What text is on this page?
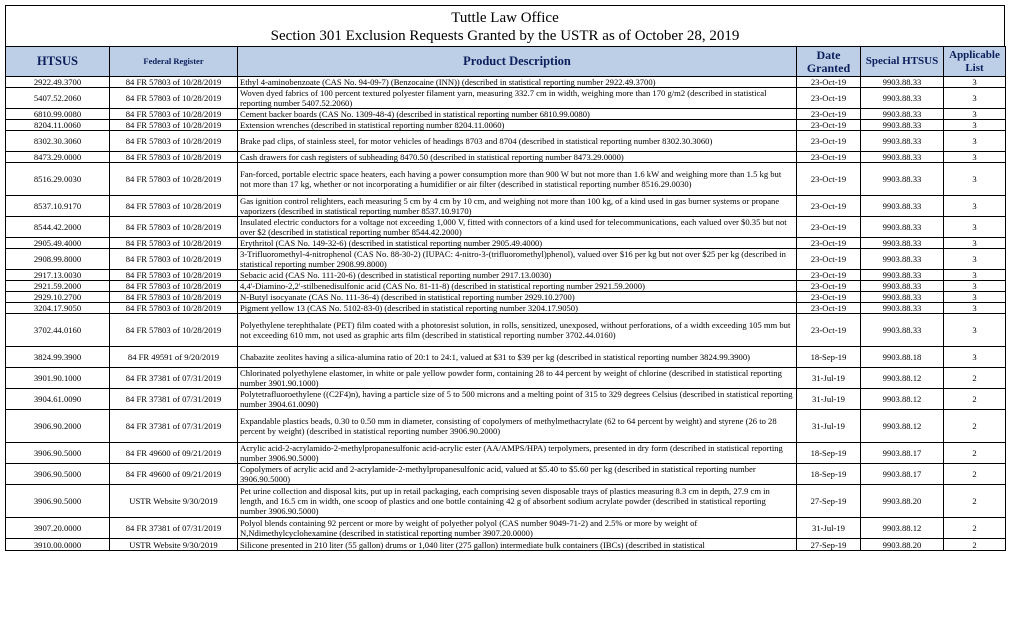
Tuttle Law Office
Section 301 Exclusion Requests Granted by the USTR as of October 28, 2019
HTSUS	Federal Register	Product Description	Date Granted	Special HTSUS	Applicable List
2922.49.3700	84 FR 57803 of 10/28/2019	Ethyl 4-aminobenzoate (CAS No. 94-09-7) (Benzocaine (INN)) (described in statistical reporting number 2922.49.3700)	23-Oct-19	9903.88.33	3
5407.52.2060	84 FR 57803 of 10/28/2019	Woven dyed fabrics of 100 percent textured polyester filament yarn, measuring 332.7 cm in width, weighing more than 170 g/m2 (described in statistical reporting number 5407.52.2060)	23-Oct-19	9903.88.33	3
6810.99.0080	84 FR 57803 of 10/28/2019	Cement backer boards (CAS No. 1309-48-4) (described in statistical reporting number 6810.99.0080)	23-Oct-19	9903.88.33	3
8204.11.0060	84 FR 57803 of 10/28/2019	Extension wrenches (described in statistical reporting number 8204.11.0060)	23-Oct-19	9903.88.33	3
8302.30.3060	84 FR 57803 of 10/28/2019	Brake pad clips, of stainless steel, for motor vehicles of headings 8703 and 8704 (described in statistical reporting number 8302.30.3060)	23-Oct-19	9903.88.33	3
8473.29.0000	84 FR 57803 of 10/28/2019	Cash drawers for cash registers of subheading 8470.50 (described in statistical reporting number 8473.29.0000)	23-Oct-19	9903.88.33	3
8516.29.0030	84 FR 57803 of 10/28/2019	Fan-forced, portable electric space heaters, each having a power consumption more than 900 W but not more than 1.6 kW and weighing more than 1.5 kg but not more than 17 kg, whether or not incorporating a humidifier or air filter (described in statistical reporting number 8516.29.0030)	23-Oct-19	9903.88.33	3
8537.10.9170	84 FR 57803 of 10/28/2019	Gas ignition control relighters, each measuring 5 cm by 4 cm by 10 cm, and weighing not more than 100 kg, of a kind used in gas burner systems or propane vaporizers (described in statistical reporting number 8537.10.9170)	23-Oct-19	9903.88.33	3
8544.42.2000	84 FR 57803 of 10/28/2019	Insulated electric conductors for a voltage not exceeding 1,000 V, fitted with connectors of a kind used for telecommunications, each valued over $0.35 but not over $2 (described in statistical reporting number 8544.42.2000)	23-Oct-19	9903.88.33	3
2905.49.4000	84 FR 57803 of 10/28/2019	Erythritol (CAS No. 149-32-6) (described in statistical reporting number 2905.49.4000)	23-Oct-19	9903.88.33	3
2908.99.8000	84 FR 57803 of 10/28/2019	3-Trifluoromethyl-4-nitrophenol (CAS No. 88-30-2) (IUPAC: 4-nitro-3-(trifluoromethyl)phenol), valued over $16 per kg but not over $25 per kg (described in statistical reporting number 2908.99.8000)	23-Oct-19	9903.88.33	3
2917.13.0030	84 FR 57803 of 10/28/2019	Sebacic acid (CAS No. 111-20-6) (described in statistical reporting number 2917.13.0030)	23-Oct-19	9903.88.33	3
2921.59.2000	84 FR 57803 of 10/28/2019	4,4'-Diamino-2,2'-stilbenedisulfonic acid (CAS No. 81-11-8) (described in statistical reporting number 2921.59.2000)	23-Oct-19	9903.88.33	3
2929.10.2700	84 FR 57803 of 10/28/2019	N-Butyl isocyanate (CAS No. 111-36-4) (described in statistical reporting number 2929.10.2700)	23-Oct-19	9903.88.33	3
3204.17.9050	84 FR 57803 of 10/28/2019	Pigment yellow 13 (CAS No. 5102-83-0) (described in statistical reporting number 3204.17.9050)	23-Oct-19	9903.88.33	3
3702.44.0160	84 FR 57803 of 10/28/2019	Polyethylene terephthalate (PET) film coated with a photoresist solution, in rolls, sensitized, unexposed, without perforations, of a width exceeding 105 mm but not exceeding 610 mm, not used as graphic arts film (described in statistical reporting number 3702.44.0160)	23-Oct-19	9903.88.33	3
3824.99.3900	84 FR 49591 of 9/20/2019	Chabazite zeolites having a silica-alumina ratio of 20:1 to 24:1, valued at $31 to $39 per kg (described in statistical reporting number 3824.99.3900)	18-Sep-19	9903.88.18	3
3901.90.1000	84 FR 37381 of 07/31/2019	Chlorinated polyethylene elastomer, in white or pale yellow powder form, containing 28 to 44 percent by weight of chlorine (described in statistical reporting number 3901.90.1000)	31-Jul-19	9903.88.12	2
3904.61.0090	84 FR 37381 of 07/31/2019	Polytetrafluoroethylene ((C2F4)n), having a particle size of 5 to 500 microns and a melting point of 315 to 329 degrees Celsius (described in statistical reporting number 3904.61.0090)	31-Jul-19	9903.88.12	2
3906.90.2000	84 FR 37381 of 07/31/2019	Expandable plastics beads, 0.30 to 0.50 mm in diameter, consisting of copolymers of methylmethacrylate (62 to 64 percent by weight) and styrene (26 to 28 percent by weight) (described in statistical reporting number 3906.90.2000)	31-Jul-19	9903.88.12	2
3906.90.5000	84 FR 49600 of 09/21/2019	Acrylic acid-2-acrylamido-2-methylpropanesulfonic acid-acrylic ester (AA/AMPS/HPA) terpolymers, presented in dry form (described in statistical reporting number 3906.90.5000)	18-Sep-19	9903.88.17	2
3906.90.5000	84 FR 49600 of 09/21/2019	Copolymers of acrylic acid and 2-acrylamide-2-methylpropanesulfonic acid, valued at $5.40 to $5.60 per kg (described in statistical reporting number 3906.90.5000)	18-Sep-19	9903.88.17	2
3906.90.5000	USTR Website 9/30/2019	Pet urine collection and disposal kits, put up in retail packaging, each comprising seven disposable trays of plastics measuring 8.3 cm in depth, 27.9 cm in length, and 16.5 cm in width, one scoop of plastics and one bottle containing 42 g of absorbent sodium acrylate powder (described in statistical reporting number 3906.90.5000)	27-Sep-19	9903.88.20	2
3907.20.0000	84 FR 37381 of 07/31/2019	Polyol blends containing 92 percent or more by weight of polyether polyol (CAS number 9049-71-2) and 2.5% or more by weight of N,Ndimethylcyclohexamine (described in statistical reporting number 3907.20.0000)	31-Jul-19	9903.88.12	2
3910.00.0000	USTR Website 9/30/2019	Silicone presented in 210 liter (55 gallon) drums or 1,040 liter (275 gallon) intermediate bulk containers (IBCs) (described in statistical	27-Sep-19	9903.88.20	2
